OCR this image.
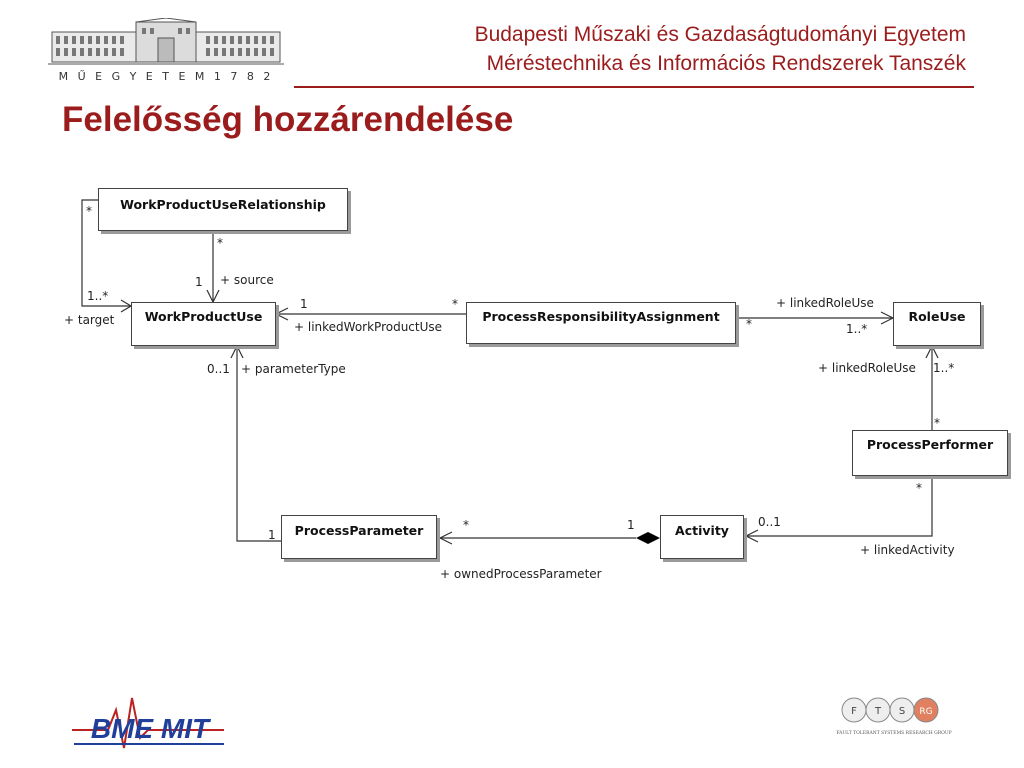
M Ű E G Y E T E M 1 7 8 2
Budapesti Műszaki és Gazdaságtudományi Egyetem
Méréstechnika és Információs Rendszerek Tanszék
Felelősség hozzárendelése
WorkProductUseRelationship
WorkProductUse	ProcessResponsibilityAssignment	RoleUse
ProcessPerformer
ProcessParameter	Activity
*
*
1 + source
1..*
+ target
1	*
+ linkedWorkProductUse
+ linkedRoleUse
*	1..*
+ linkedRoleUse 1..*
*
*
0..1 + parameterType
1
*	1
+ ownedProcessParameter
0..1
+ linkedActivity
BME MIT
F T S RG
FAULT TOLERANT SYSTEMS RESEARCH GROUP
